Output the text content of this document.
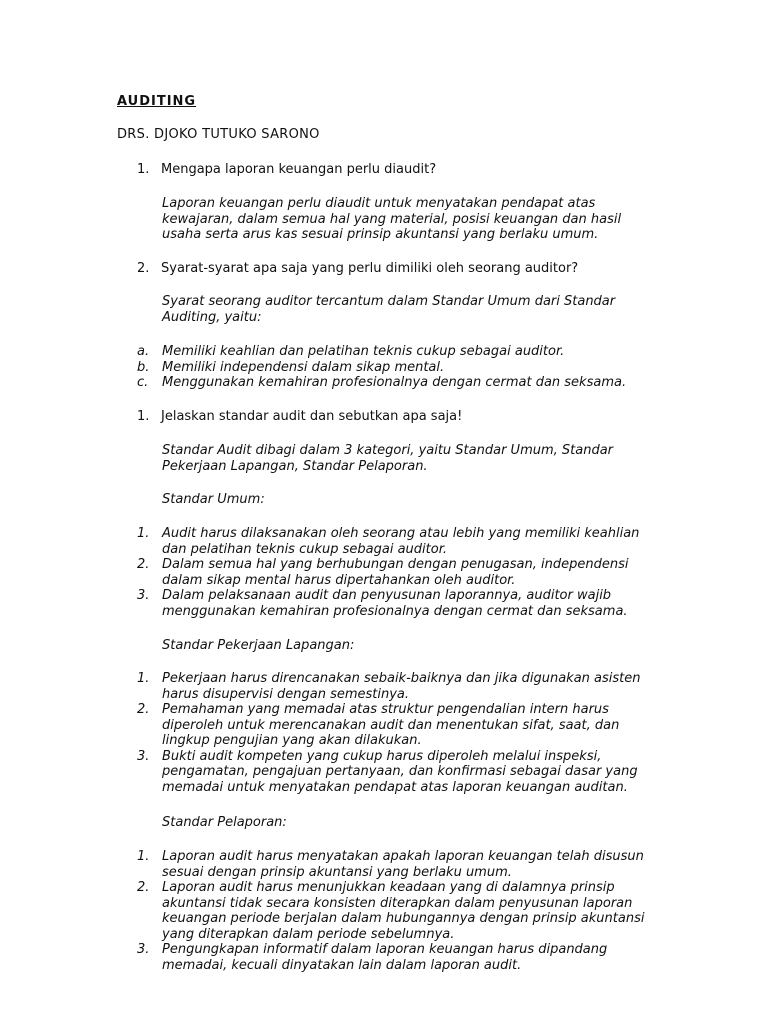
AUDITING
DRS. DJOKO TUTUKO SARONO
1. Mengapa laporan keuangan perlu diaudit?
Laporan keuangan perlu diaudit untuk menyatakan pendapat atas
kewajaran, dalam semua hal yang material, posisi keuangan dan hasil
usaha serta arus kas sesuai prinsip akuntansi yang berlaku umum.
2. Syarat-syarat apa saja yang perlu dimiliki oleh seorang auditor?
Syarat seorang auditor tercantum dalam Standar Umum dari Standar
Auditing, yaitu:
a. Memiliki keahlian dan pelatihan teknis cukup sebagai auditor.
b. Memiliki independensi dalam sikap mental.
c. Menggunakan kemahiran profesionalnya dengan cermat dan seksama.
1. Jelaskan standar audit dan sebutkan apa saja!
Standar Audit dibagi dalam 3 kategori, yaitu Standar Umum, Standar
Pekerjaan Lapangan, Standar Pelaporan.
Standar Umum:
1. Audit harus dilaksanakan oleh seorang atau lebih yang memiliki keahlian
dan pelatihan teknis cukup sebagai auditor.
2. Dalam semua hal yang berhubungan dengan penugasan, independensi
dalam sikap mental harus dipertahankan oleh auditor.
3. Dalam pelaksanaan audit dan penyusunan laporannya, auditor wajib
menggunakan kemahiran profesionalnya dengan cermat dan seksama.
Standar Pekerjaan Lapangan:
1. Pekerjaan harus direncanakan sebaik-baiknya dan jika digunakan asisten
harus disupervisi dengan semestinya.
2. Pemahaman yang memadai atas struktur pengendalian intern harus
diperoleh untuk merencanakan audit dan menentukan sifat, saat, dan
lingkup pengujian yang akan dilakukan.
3. Bukti audit kompeten yang cukup harus diperoleh melalui inspeksi,
pengamatan, pengajuan pertanyaan, dan konfirmasi sebagai dasar yang
memadai untuk menyatakan pendapat atas laporan keuangan auditan.
Standar Pelaporan:
1. Laporan audit harus menyatakan apakah laporan keuangan telah disusun
sesuai dengan prinsip akuntansi yang berlaku umum.
2. Laporan audit harus menunjukkan keadaan yang di dalamnya prinsip
akuntansi tidak secara konsisten diterapkan dalam penyusunan laporan
keuangan periode berjalan dalam hubungannya dengan prinsip akuntansi
yang diterapkan dalam periode sebelumnya.
3. Pengungkapan informatif dalam laporan keuangan harus dipandang
memadai, kecuali dinyatakan lain dalam laporan audit.
